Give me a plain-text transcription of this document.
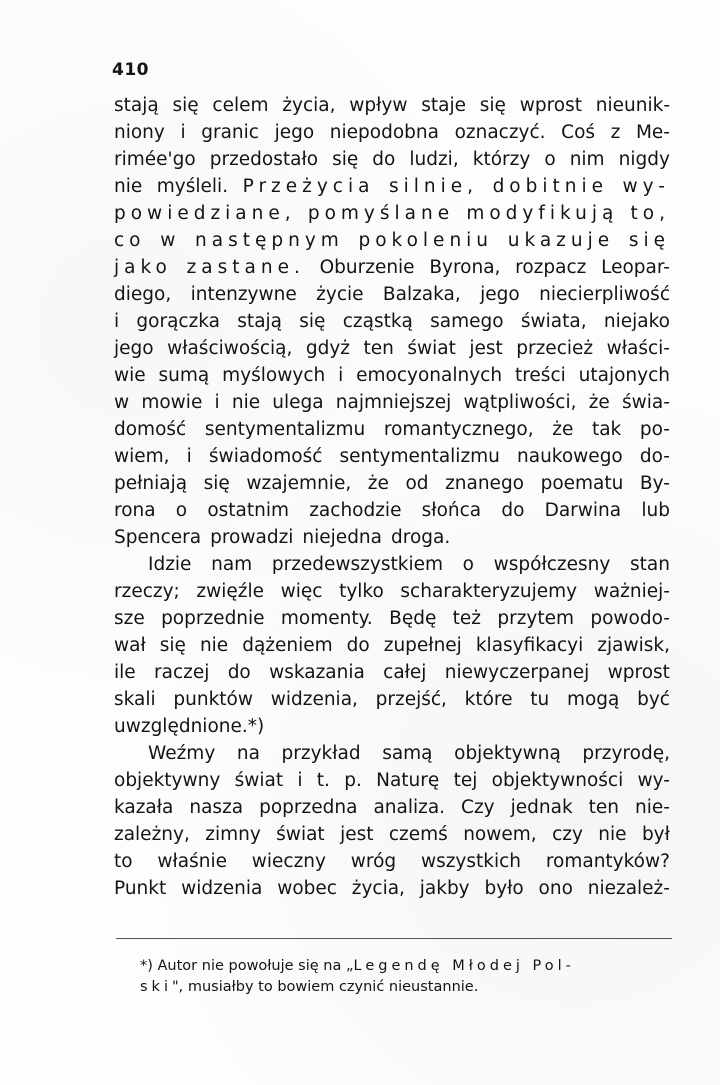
410
stają się celem życia, wpływ staje się wprost nieunik-
niony i granic jego niepodobna oznaczyć. Coś z Me-
rimée'go przedostało się do ludzi, którzy o nim nigdy
nie myśleli. Przeżycia silnie, dobitnie wy-
powiedziane, pomyślane modyfikują to,
co w następnym pokoleniu ukazuje się
jako zastane. Oburzenie Byrona, rozpacz Leopar-
diego, intenzywne życie Balzaka, jego niecierpliwość
i gorączka stają się cząstką samego świata, niejako
jego właściwością, gdyż ten świat jest przecież właści-
wie sumą myślowych i emocyonalnych treści utajonych
w mowie i nie ulega najmniejszej wątpliwości, że świa-
domość sentymentalizmu romantycznego, że tak po-
wiem, i świadomość sentymentalizmu naukowego do-
pełniają się wzajemnie, że od znanego poematu By-
rona o ostatnim zachodzie słońca do Darwina lub
Spencera prowadzi niejedna droga.
Idzie nam przedewszystkiem o współczesny stan
rzeczy; zwięźle więc tylko scharakteryzujemy ważniej-
sze poprzednie momenty. Będę też przytem powodo-
wał się nie dążeniem do zupełnej klasyfikacyi zjawisk,
ile raczej do wskazania całej niewyczerpanej wprost
skali punktów widzenia, przejść, które tu mogą być
uwzględnione.*)
Weźmy na przykład samą objektywną przyrodę,
objektywny świat i t. p. Naturę tej objektywności wy-
kazała nasza poprzedna analiza. Czy jednak ten nie-
zależny, zimny świat jest czemś nowem, czy nie był
to właśnie wieczny wróg wszystkich romantyków?
Punkt widzenia wobec życia, jakby było ono niezależ-
*) Autor nie powołuje się na „Legendę Młodej Pol-
ski", musiałby to bowiem czynić nieustannie.
